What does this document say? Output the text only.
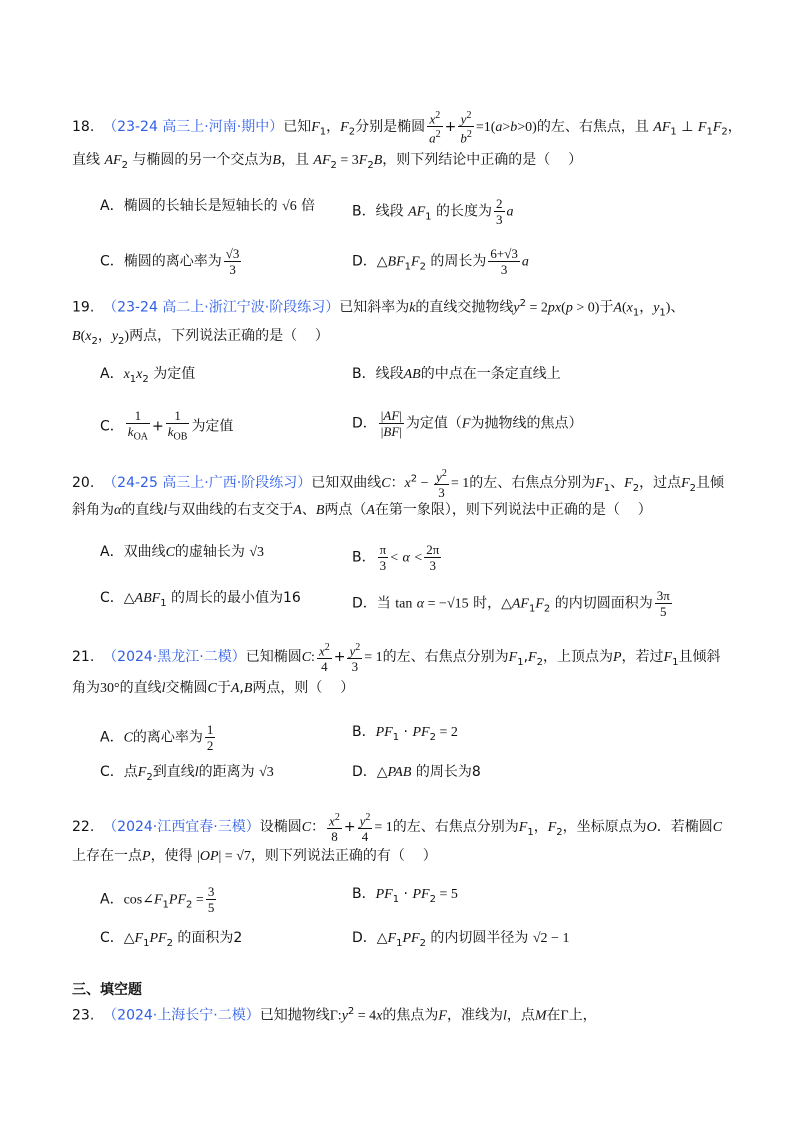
18. （23-24 高三上·河南·期中）已知$F_1$，$F_2$分别是椭圆 $\frac{x^2}{a^2} + \frac{y^2}{b^2} =1(a>b>0)$的左、右焦点，且 $AF_1$ ⊥ $F_1F_2$，
直线 $AF_2$ 与椭圆的另一个交点为B，且 $AF_2 = 3F_2B$，则下列结论中正确的是（    ）
A．椭圆的长轴长是短轴长的 √6 倍	B．线段 $AF_1$ 的长度为 $\frac{2}{3}$ a
C．椭圆的离心率为 $\frac{√3}{3}$	D．$\triangle BF_1F_2$ 的周长为 $\frac{6+√3}{3}$ a
19. （23-24 高二上·浙江宁波·阶段练习）已知斜率为k的直线交抛物线$y^2 = 2px(p > 0)$于$A(x_1$，$y_1$)、
$B(x_2$，$y_2$)两点，下列说法正确的是（    ）
A．$x_1x_2$ 为定值	B．线段AB的中点在一条定直线上
C． $\frac{1}{k_{OA}} + \frac{1}{k_{OB}}$ 为定值	D． $\frac{|AF|}{|BF|}$ 为定值（F为抛物线的焦点）
20. （24-25 高三上·广西·阶段练习）已知双曲线C：$x^2 - \frac{y^2}{3} = 1$的左、右焦点分别为$F_1$、$F_2$，过点$F_2$且倾
斜角为α的直线l与双曲线的右支交于A、B两点（A在第一象限），则下列说法中正确的是（    ）
A．双曲线C的虚轴长为 √3	B． $\frac{\pi}{3} < \alpha < \frac{2\pi}{3}$
C．$\triangle ABF_1$ 的周长的最小值为16	D．当 tan α = −√15 时，$\triangle AF_1F_2$ 的内切圆面积为 $\frac{3\pi}{5}$
21. （2024·黑龙江·二模）已知椭圆C: $\frac{x^2}{4} + \frac{y^2}{3} = 1$的左、右焦点分别为$F_1,F_2$，上顶点为P，若过$F_1$且倾斜
角为30°的直线l交椭圆C于A,B两点，则（    ）
A．C的离心率为 $\frac{1}{2}$	B．$PF_1 \cdot PF_2 = 2$
C．点$F_2$到直线l的距离为 √3	D．△PAB 的周长为8
22. （2024·江西宜春·三模）设椭圆C： $\frac{x^2}{8} + \frac{y^2}{4} = 1$的左、右焦点分别为$F_1$，$F_2$，坐标原点为O．若椭圆C
上存在一点P，使得 |OP| = √7，则下列说法正确的有（    ）
A．$\cos\angle F_1PF_2 = \frac{3}{5}$	B．$PF_1 \cdot PF_2 = 5$
C．$\triangle F_1PF_2$ 的面积为2	D．$\triangle F_1PF_2$ 的内切圆半径为 √2 − 1
三、填空题
23. （2024·上海长宁·二模）已知抛物线$\Gamma:y^2 = 4x$的焦点为F，准线为l，点M在Γ上，
